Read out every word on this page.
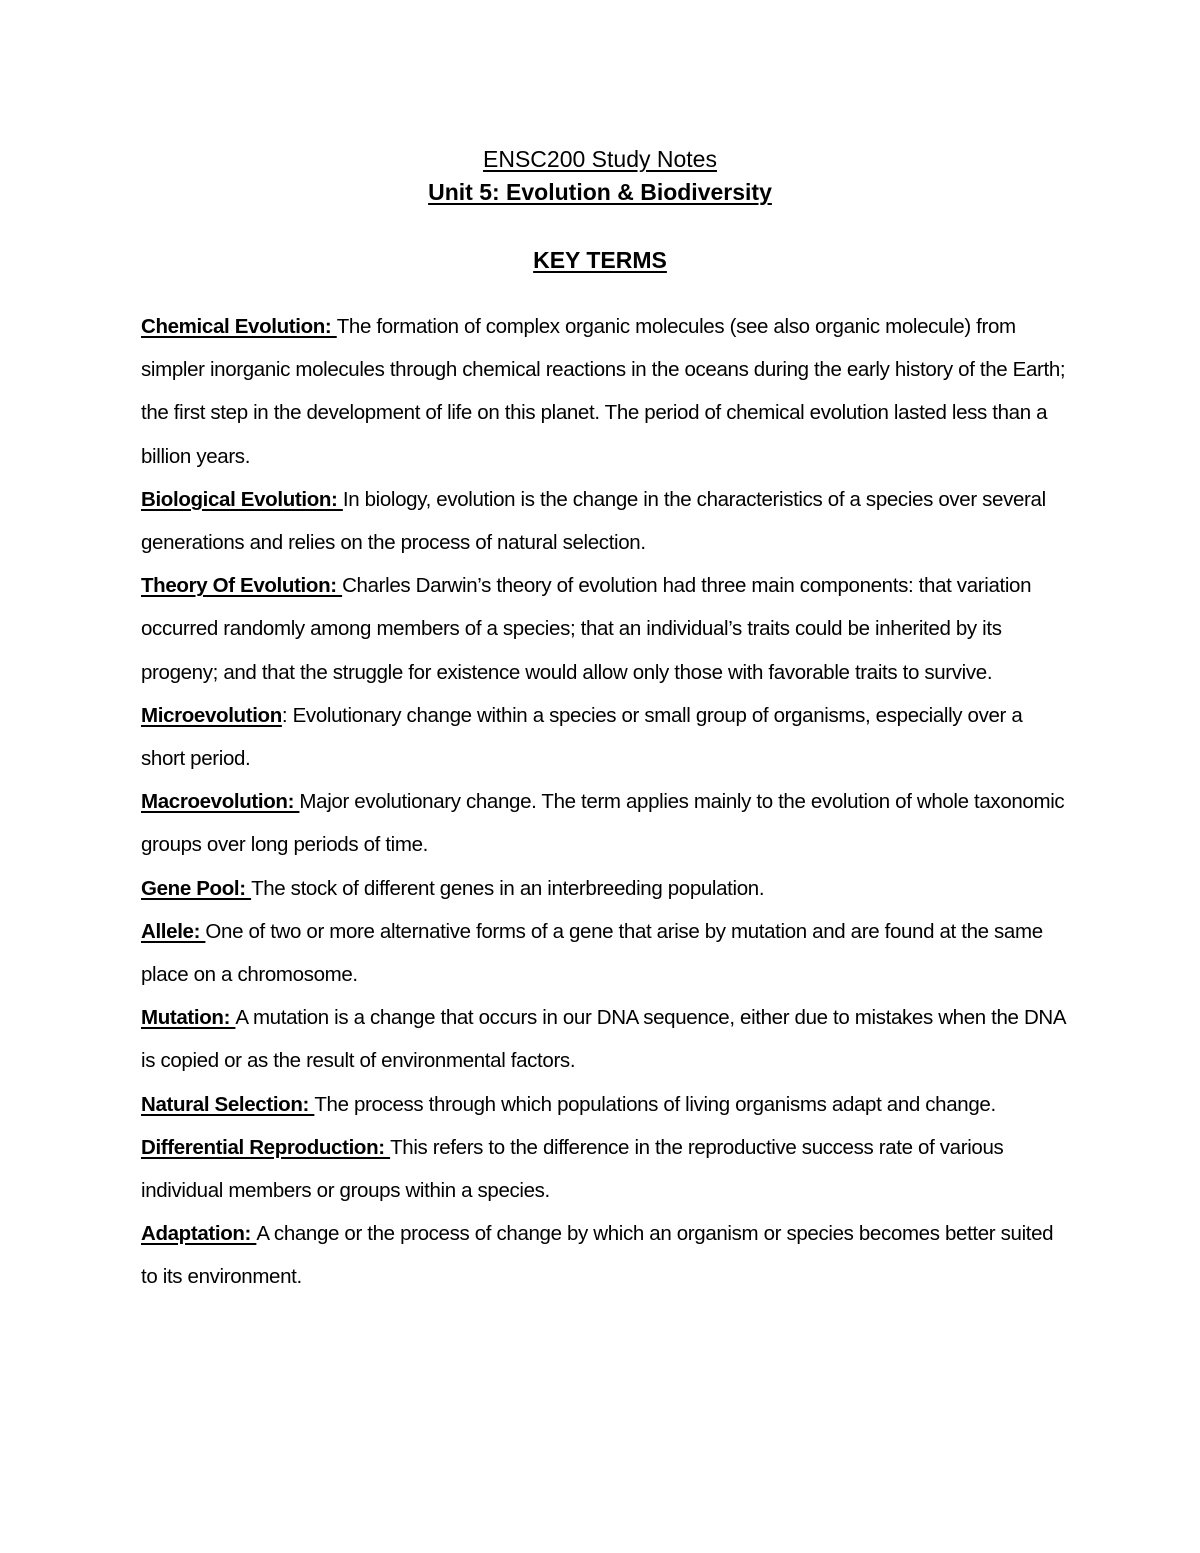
ENSC200 Study Notes
Unit 5: Evolution & Biodiversity
KEY TERMS

Chemical Evolution: The formation of complex organic molecules (see also organic molecule) from simpler inorganic molecules through chemical reactions in the oceans during the early history of the Earth; the first step in the development of life on this planet. The period of chemical evolution lasted less than a billion years.

Biological Evolution: In biology, evolution is the change in the characteristics of a species over several generations and relies on the process of natural selection.

Theory Of Evolution: Charles Darwin’s theory of evolution had three main components: that variation occurred randomly among members of a species; that an individual’s traits could be inherited by its progeny; and that the struggle for existence would allow only those with favorable traits to survive.

Microevolution: Evolutionary change within a species or small group of organisms, especially over a short period.

Macroevolution: Major evolutionary change. The term applies mainly to the evolution of whole taxonomic groups over long periods of time.

Gene Pool: The stock of different genes in an interbreeding population.

Allele: One of two or more alternative forms of a gene that arise by mutation and are found at the same place on a chromosome.

Mutation: A mutation is a change that occurs in our DNA sequence, either due to mistakes when the DNA is copied or as the result of environmental factors.

Natural Selection: The process through which populations of living organisms adapt and change.

Differential Reproduction: This refers to the difference in the reproductive success rate of various individual members or groups within a species.

Adaptation: A change or the process of change by which an organism or species becomes better suited to its environment.
